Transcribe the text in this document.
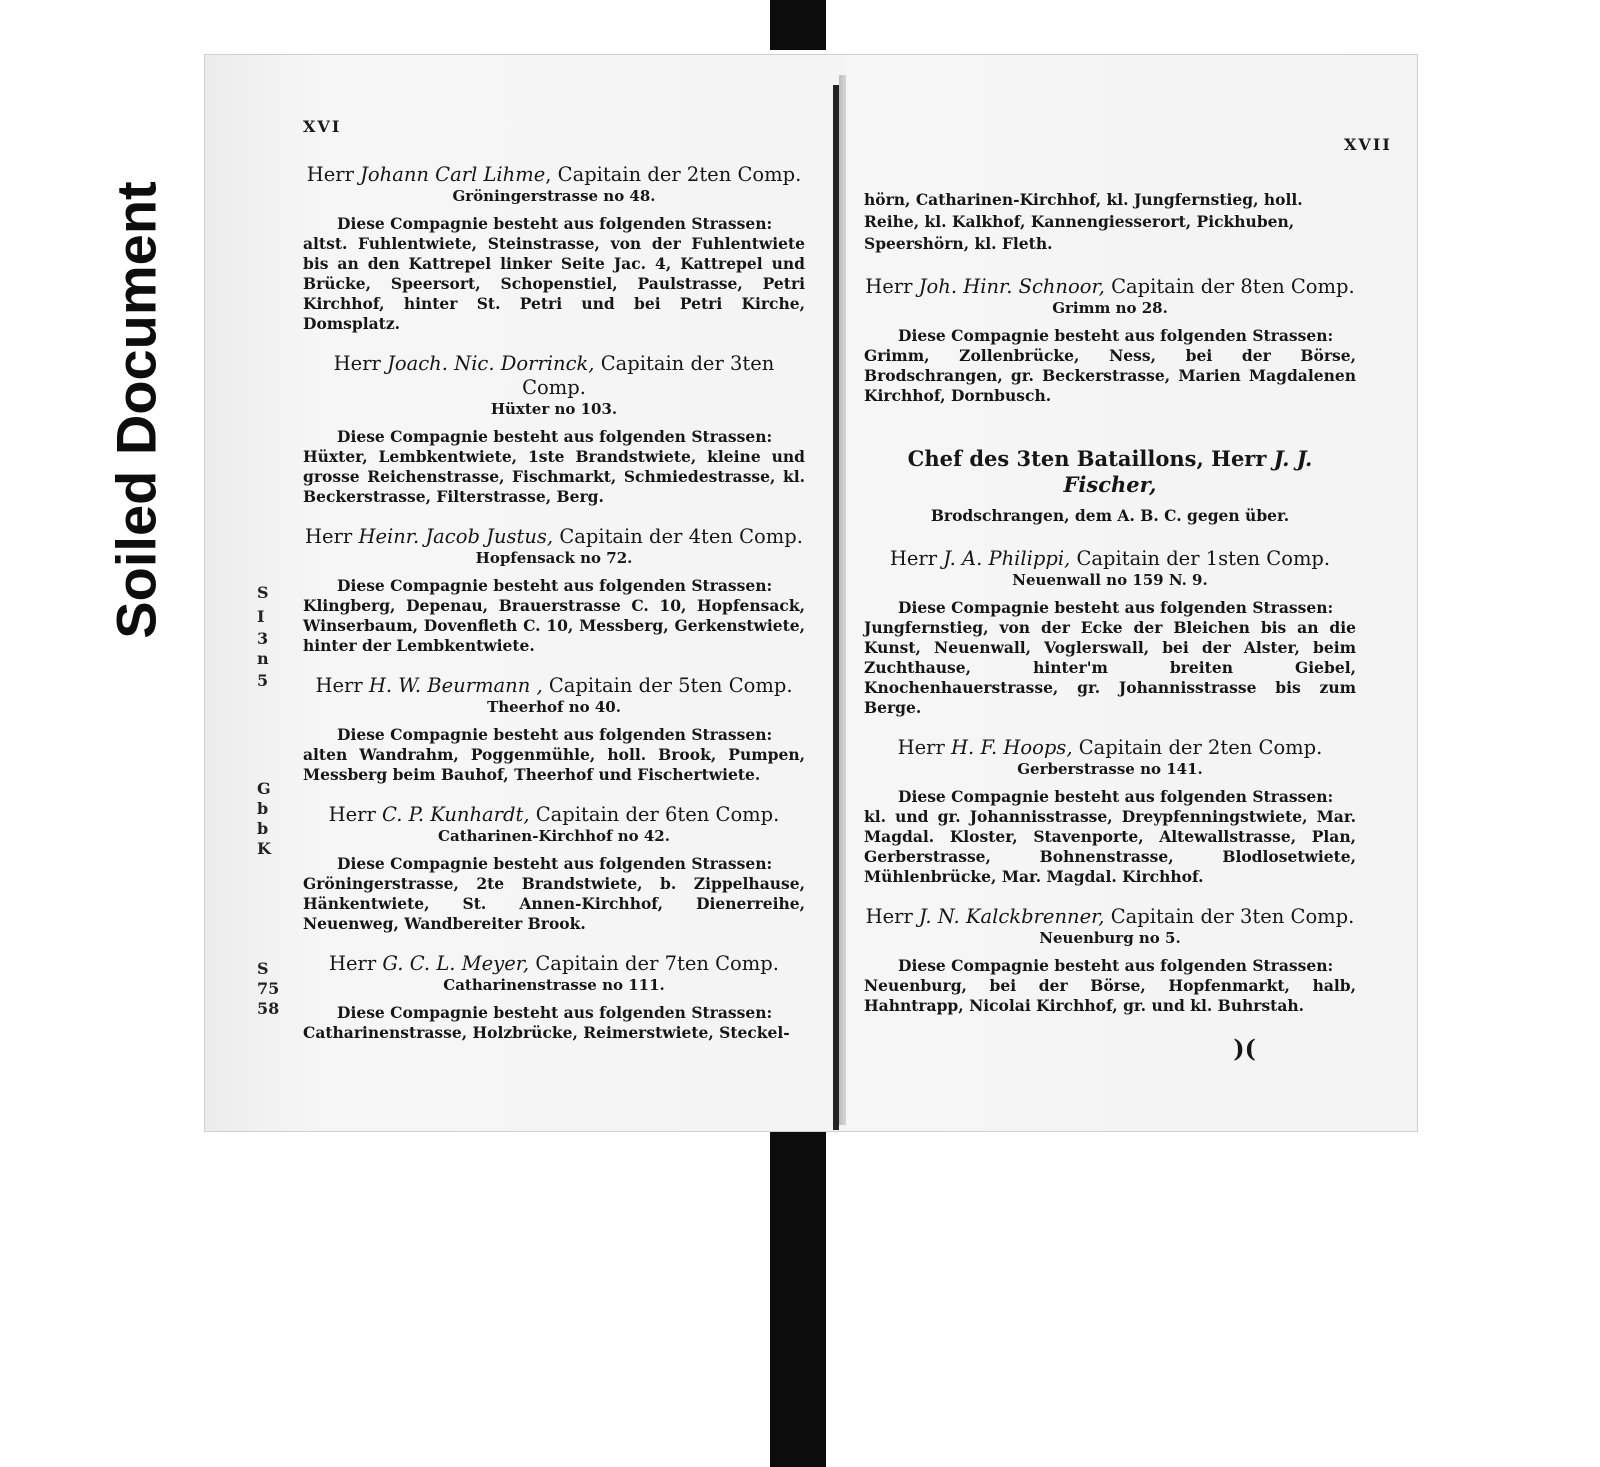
Soiled Document
XVI
S
I
3
n
5
G
b
b
K
S
75
58

Herr Johann Carl Lihme, Capitain der 2ten Comp.

Gröningerstrasse no 48.

Diese Compagnie besteht aus folgenden Strassen:
altst. Fuhlentwiete, Steinstrasse, von der Fuhlentwiete bis an den Kattrepel linker Seite Jac. 4, Kattrepel und Brücke, Speersort, Schopenstiel, Paulstrasse, Petri Kirchhof, hinter St. Petri und bei Petri Kirche, Domsplatz.

Herr Joach. Nic. Dorrinck, Capitain der 3ten Comp.

Hüxter no 103.

Diese Compagnie besteht aus folgenden Strassen:
Hüxter, Lembkentwiete, 1ste Brandstwiete, kleine und grosse Reichenstrasse, Fischmarkt, Schmiedestrasse, kl. Beckerstrasse, Filterstrasse, Berg.

Herr Heinr. Jacob Justus, Capitain der 4ten Comp.

Hopfensack no 72.

Diese Compagnie besteht aus folgenden Strassen:
Klingberg, Depenau, Brauerstrasse C. 10, Hopfensack, Winserbaum, Dovenfleth C. 10, Messberg, Gerkenstwiete, hinter der Lembkentwiete.

Herr H. W. Beurmann , Capitain der 5ten Comp.

Theerhof no 40.

Diese Compagnie besteht aus folgenden Strassen:
alten Wandrahm, Poggenmühle, holl. Brook, Pumpen, Messberg beim Bauhof, Theerhof und Fischertwiete.

Herr C. P. Kunhardt, Capitain der 6ten Comp.

Catharinen-Kirchhof no 42.

Diese Compagnie besteht aus folgenden Strassen:
Gröningerstrasse, 2te Brandstwiete, b. Zippelhause, Hänkentwiete, St. Annen-Kirchhof, Dienerreihe, Neuenweg, Wandbereiter Brook.

Herr G. C. L. Meyer, Capitain der 7ten Comp.

Catharinenstrasse no 111.

Diese Compagnie besteht aus folgenden Strassen:
Catharinenstrasse, Holzbrücke, Reimerstwiete, Steckel-

XVII

hörn, Catharinen-Kirchhof, kl. Jungfernstieg, holl. Reihe, kl. Kalkhof, Kannengiesserort, Pickhuben, Speershörn, kl. Fleth.

Herr Joh. Hinr. Schnoor, Capitain der 8ten Comp.

Grimm no 28.

Diese Compagnie besteht aus folgenden Strassen:
Grimm, Zollenbrücke, Ness, bei der Börse, Brodschrangen, gr. Beckerstrasse, Marien Magdalenen Kirchhof, Dornbusch.

Chef des 3ten Bataillons, Herr J. J. Fischer,

Brodschrangen, dem A. B. C. gegen über.

Herr J. A. Philippi, Capitain der 1sten Comp.

Neuenwall no 159 N. 9.

Diese Compagnie besteht aus folgenden Strassen:
Jungfernstieg, von der Ecke der Bleichen bis an die Kunst, Neuenwall, Voglerswall, bei der Alster, beim Zuchthause, hinter'm breiten Giebel, Knochenhauerstrasse, gr. Johannisstrasse bis zum Berge.

Herr H. F. Hoops, Capitain der 2ten Comp.

Gerberstrasse no 141.

Diese Compagnie besteht aus folgenden Strassen:
kl. und gr. Johannisstrasse, Dreypfenningstwiete, Mar. Magdal. Kloster, Stavenporte, Altewallstrasse, Plan, Gerberstrasse, Bohnenstrasse, Blodlosetwiete, Mühlenbrücke, Mar. Magdal. Kirchhof.

Herr J. N. Kalckbrenner, Capitain der 3ten Comp.

Neuenburg no 5.

Diese Compagnie besteht aus folgenden Strassen:
Neuenburg, bei der Börse, Hopfenmarkt, halb, Hahntrapp, Nicolai Kirchhof, gr. und kl. Buhrstah.

)(
